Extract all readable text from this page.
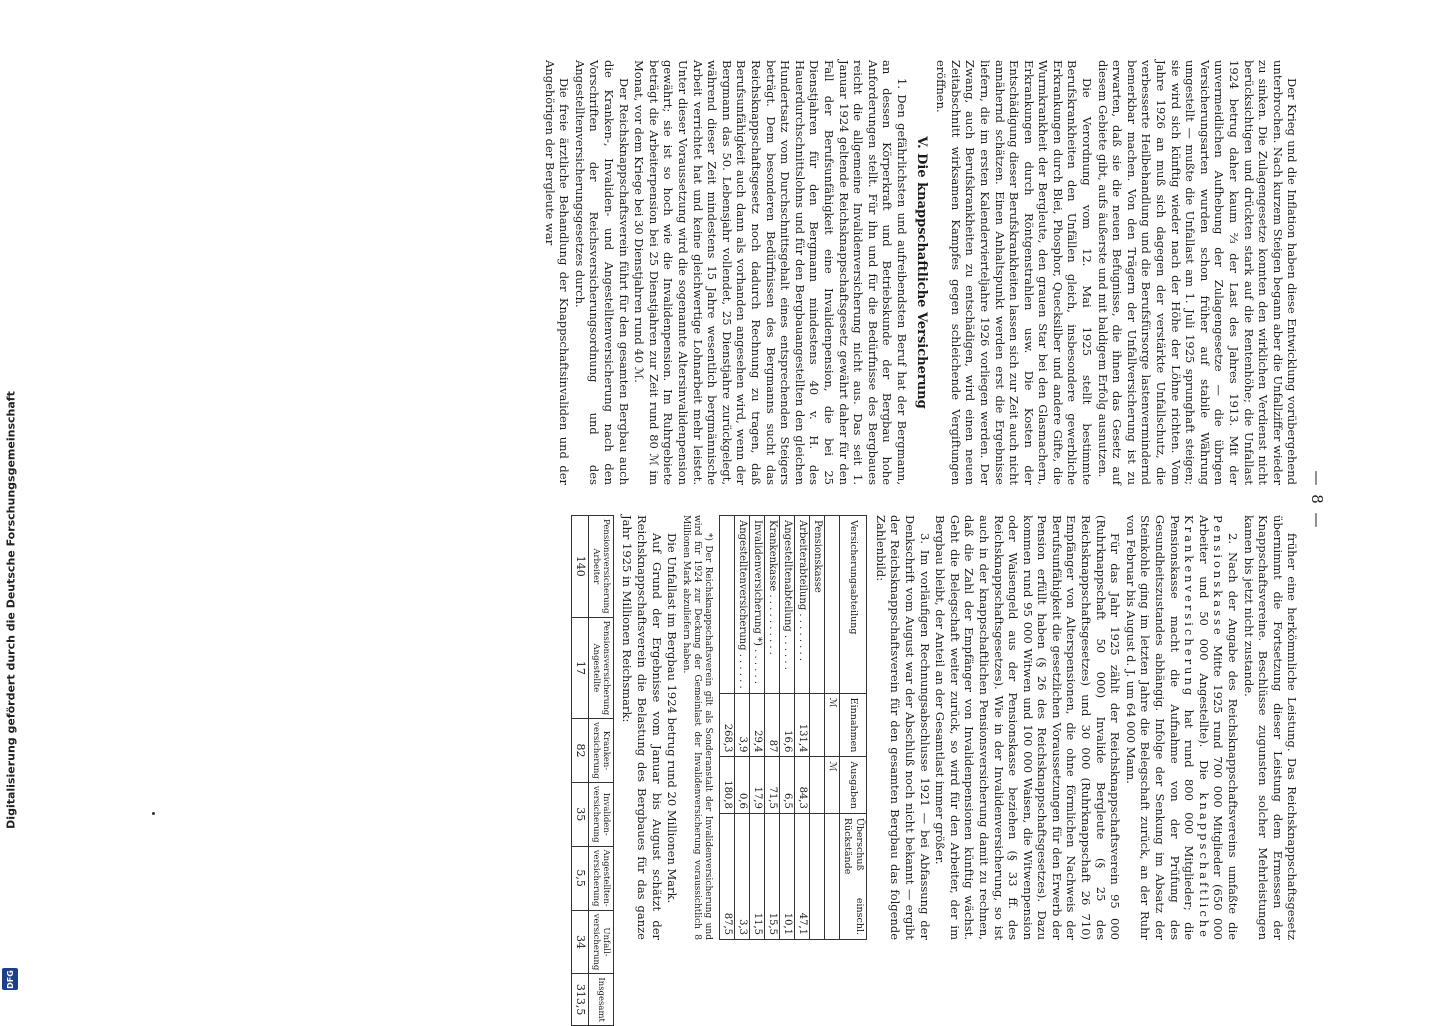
Digitalisierung gefördert durch die Deutsche Forschungsgemeinschaft
DFG
— 8 —

Der Krieg und die Inflation haben diese Entwicklung vorübergehend unterbrochen. Nach kurzem Steigen begann aber die Unfallziffer wieder zu sinken. Die Zulagengesetze konnten den wirklichen Verdienst nicht berücksichtigen und drückten stark auf die Rentenhöhe; die Unfallast 1924 betrug daher kaum ⅔ der Last des Jahres 1913. Mit der unvermeidlichen Aufhebung der Zulagengesetze — die übrigen Versicherungsarten wurden schon früher auf stabile Währung umgestellt — mußte die Unfallast am 1. Juli 1925 sprunghaft steigen; sie wird sich künftig wieder nach der Höhe der Löhne richten. Vom Jahre 1926 an muß sich dagegen der verstärkte Unfallschutz, die verbesserte Heilbehandlung und die Berufsfürsorge lastenvermindernd bemerkbar machen. Von den Trägern der Unfallversicherung ist zu erwarten, daß sie die neuen Befugnisse, die ihnen das Gesetz auf diesem Gebiete gibt, aufs äußerste und mit baldigem Erfolg ausnutzen.

Die Verordnung vom 12. Mai 1925 stellt bestimmte Berufskrankheiten den Unfällen gleich, insbesondere gewerbliche Erkrankungen durch Blei, Phosphor, Quecksilber und andere Gifte, die Wurmkrankheit der Bergleute, den grauen Star bei den Glasmachern, Erkrankungen durch Röntgenstrahlen usw. Die Kosten der Entschädigung dieser Berufskrankheiten lassen sich zur Zeit auch nicht annähernd schätzen. Einen Anhaltspunkt werden erst die Ergebnisse liefern, die im ersten Kalendervierteljahre 1926 vorliegen werden. Der Zwang, auch Berufskrankheiten zu entschädigen, wird einen neuen Zeitabschnitt wirksamen Kampfes gegen schleichende Vergiftungen eröffnen.

V. Die knappschaftliche Versicherung

1. Den gefährlichsten und aufreibendsten Beruf hat der Bergmann, an dessen Körperkraft und Betriebskunde der Bergbau hohe Anforderungen stellt. Für ihn und für die Bedürfnisse des Bergbaues reicht die allgemeine Invalidenversicherung nicht aus. Das seit 1. Januar 1924 geltende Reichsknappschaftsgesetz gewährt daher für den Fall der Berufsunfähigkeit eine Invalidenpension, die bei 25 Dienstjahren für den Bergmann mindestens 40 v. H. des Hauerdurchschnittslohns und für den Bergbauangestellten den gleichen Hundertsatz vom Durchschnittsgehalt eines entsprechenden Steigers beträgt. Dem besonderen Bedürfnissen des Bergmanns sucht das Reichsknappschaftsgesetz noch dadurch Rechnung zu tragen, daß Berufsunfähigkeit auch dann als vorhanden angesehen wird, wenn der Bergmann das 50. Lebensjahr vollendet, 25 Dienstjahre zurückgelegt, während dieser Zeit mindestens 15 Jahre wesentlich bergmännische Arbeit verrichtet hat und keine gleichwertige Lohnarbeit mehr leistet. Unter dieser Voraussetzung wird die sogenannte Altersinvalidenpension gewährt; sie ist so hoch wie die Invalidenpension. Im Ruhrgebiete beträgt die Arbeiterpension bei 25 Dienstjahren zur Zeit rund 80 ℳ im Monat, vor dem Kriege bei 30 Dienstjahren rund 40 ℳ.

Der Reichsknappschaftsverein führt für den gesamten Bergbau auch die Kranken-, Invaliden- und Angestelltenversicherung nach den Vorschriften der Reichsversicherungsordnung und des Angestelltenversicherungsgesetzes durch.

Die freie ärztliche Behandlung der Knappschaftsinvaliden und der Angehörigen der Bergleute war

früher eine herkömmliche Leistung. Das Reichsknappschaftsgesetz übernimmt die Fortsetzung dieser Leistung dem Ermessen der Knappschaftsvereine. Beschlüsse zugunsten solcher Mehrleistungen kamen bis jetzt nicht zustande.

2. Nach der Angabe des Reichsknappschaftsvereins umfaßte die Pensionskasse Mitte 1925 rund 700 000 Mitglieder (650 000 Arbeiter und 50 000 Angestellte). Die knappschaftliche Krankenversicherung hat rund 800 000 Mitglieder; die Pensionskasse macht die Aufnahme von der Prüfung des Gesundheitszustandes abhängig. Infolge der Senkung im Absatz der Steinkohle ging im letzten Jahre die Belegschaft zurück, an der Ruhr von Februar bis August d. J. um 64 000 Mann.

Für das Jahr 1925 zählt der Reichsknappschaftsverein 95 000 (Ruhrknappschaft 50 000) Invalide Bergleute (§ 25 des Reichsknappschaftsgesetzes) und 30 000 (Ruhrknappschaft 26 710) Empfänger von Alterspensionen, die ohne förmlichen Nachweis der Berufsunfähigkeit die gesetzlichen Voraussetzungen für den Erwerb der Pension erfüllt haben (§ 26 des Reichsknappschaftsgesetzes). Dazu kommen rund 95 000 Witwen und 100 000 Waisen, die Witwenpension oder Waisengeld aus der Pensionskasse beziehen (§ 33 ff. des Reichsknappschaftsgesetzes). Wie in der Invalidenversicherung, so ist auch in der knappschaftlichen Pensionsversicherung damit zu rechnen, daß die Zahl der Empfänger von Invalidenpensionen künftig wächst. Geht die Belegschaft weiter zurück, so wird für den Arbeiter, der im Bergbau bleibt, der Anteil an der Gesamtlast immer größer.

3. Im vorläufigen Rechnungsabschlusse 1921 — bei Abfassung der Denkschrift vom August war der Abschluß noch nicht bekannt — ergibt der Reichsknappschaftsverein für den gesamten Bergbau das folgende Zahlenbild:

Versicherungsabteilung	Einnahmen	Ausgaben	Überschuß einschl. Rückstände
	ℳ	ℳ	
Pensionskasse			
Arbeiterabteilung . . . . . . . .	131,4	84,3	47,1
Angestelltenabteilung . . . . . .	16,6	6,5	10,1
Krankenkasse . . . . . . . . . .	87	71,5	15,5
Invalidenversicherung *) . . . . . .	29,4	17,9	11,5
Angestelltenversicherung . . . . . .	3,9	0,6	3,3
	268,3	180,8	87,5

*) Der Reichsknappschaftsverein gilt als Sonderanstalt der Invalidenversicherung und wird für 1924 zur Deckung der Gemeinlast der Invalidenversicherung voraussichtlich 8 Millionen Mark abzuliefern haben.

Die Unfallast im Bergbau 1924 betrug rund 20 Millionen Mark.

Auf Grund der Ergebnisse vom Januar bis August schätzt der Reichsknappschaftsverein die Belastung des Bergbaues für das ganze Jahr 1925 in Millionen Reichsmark:

Pensionsversicherung Arbeiter	Pensionsversicherung Angestellte	Kranken-versicherung	Invaliden-versicherung	Angestellten-versicherung	Unfall-versicherung	Insgesamt
140	17	82	35	5,5	34	313,5
